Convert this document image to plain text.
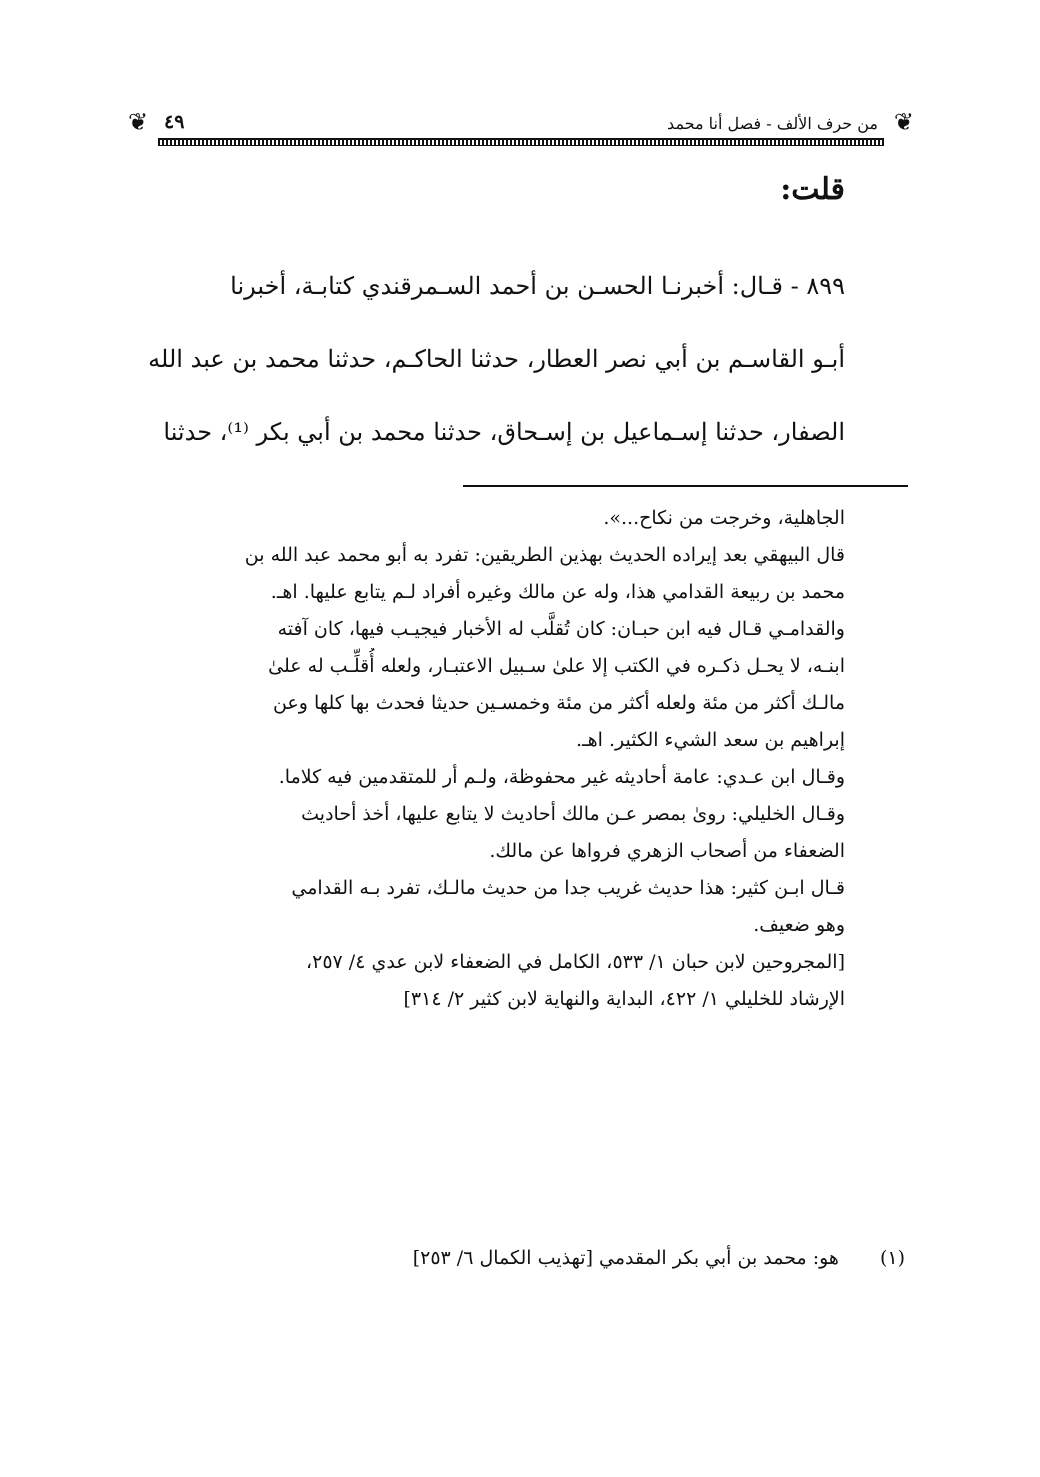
❦
من حرف الألف - فصل أنا محمد
٤٩
❦
قلت:

٨٩٩ - قـال: أخبرنـا الحسـن بن أحمد السـمرقندي كتابـة، أخبرنا
أبـو القاسـم بن أبي نصر العطار، حدثنا الحاكـم، حدثنا محمد بن عبد الله
الصفار، حدثنا إسـماعيل بن إسـحاق، حدثنا محمد بن أبي بكر ⁽¹⁾، حدثنا

الجاهلية، وخرجت من نكاح...».
قال البيهقي بعد إيراده الحديث بهذين الطريقين: تفرد به أبو محمد عبد الله بن
محمد بن ربيعة القدامي هذا، وله عن مالك وغيره أفراد لـم يتابع عليها. اهـ.
والقدامـي قـال فيه ابن حبـان: كان تُقلَّب له الأخبار فيجيـب فيها، كان آفته
ابنـه، لا يحـل ذكـره في الكتب إلا علىٰ سـبيل الاعتبـار، ولعله أُقلِّـب له علىٰ
مالـك أكثر من مئة ولعله أكثر من مئة وخمسـين حديثا فحدث بها كلها وعن
إبراهيم بن سعد الشيء الكثير. اهـ.
وقـال ابن عـدي: عامة أحاديثه غير محفوظة، ولـم أر للمتقدمين فيه كلاما.
وقـال الخليلي: روىٰ بمصر عـن مالك أحاديث لا يتابع عليها، أخذ أحاديث
الضعفاء من أصحاب الزهري فرواها عن مالك.
قـال ابـن كثير: هذا حديث غريب جدا من حديث مالـك، تفرد بـه القدامي
وهو ضعيف.
[المجروحين لابن حبان ١/ ٥٣٣، الكامل في الضعفاء لابن عدي ٤/ ٢٥٧،
الإرشاد للخليلي ١/ ٤٢٢، البداية والنهاية لابن كثير ٢/ ٣١٤]
(١) هو: محمد بن أبي بكر المقدمي [تهذيب الكمال ٦/ ٢٥٣]
